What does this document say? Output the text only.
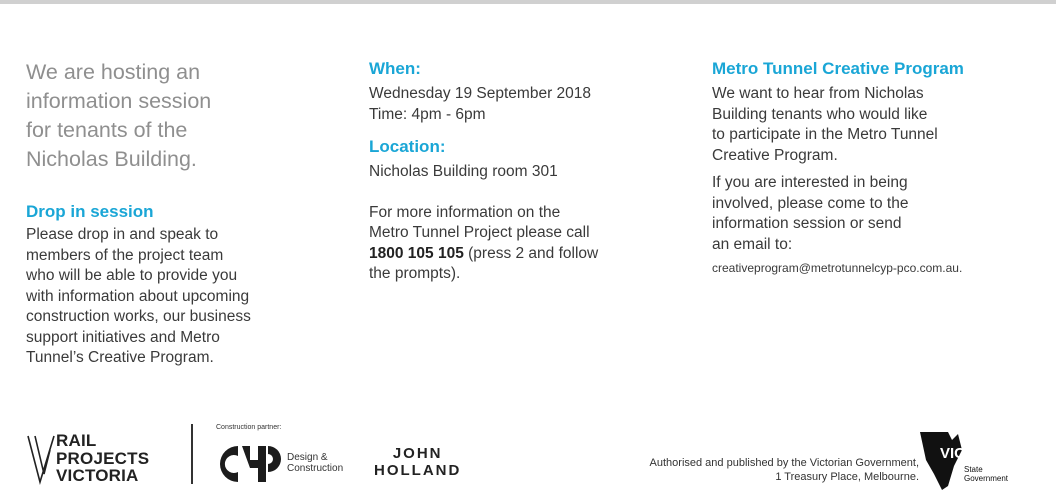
We are hosting an
information session
for tenants of the
Nicholas Building.
Drop in session
Please drop in and speak to
members of the project team
who will be able to provide you
with information about upcoming
construction works, our business
support initiatives and Metro
Tunnel’s Creative Program.
When:
Wednesday 19 September 2018
Time: 4pm - 6pm
Location:
Nicholas Building room 301
For more information on the
Metro Tunnel Project please call
1800 105 105 (press 2 and follow
the prompts).
Metro Tunnel Creative Program
We want to hear from Nicholas
Building tenants who would like
to participate in the Metro Tunnel
Creative Program.
If you are interested in being
involved, please come to the
information session or send
an email to:
creativeprogram@metrotunnelcyp-pco.com.au.
RAIL
PROJECTS
VICTORIA
Construction partner:
Design &
Construction
JOHN
HOLLAND	Authorised and published by the Victorian Government,
1 Treasury Place, Melbourne.
VICTORIA
State
Government
